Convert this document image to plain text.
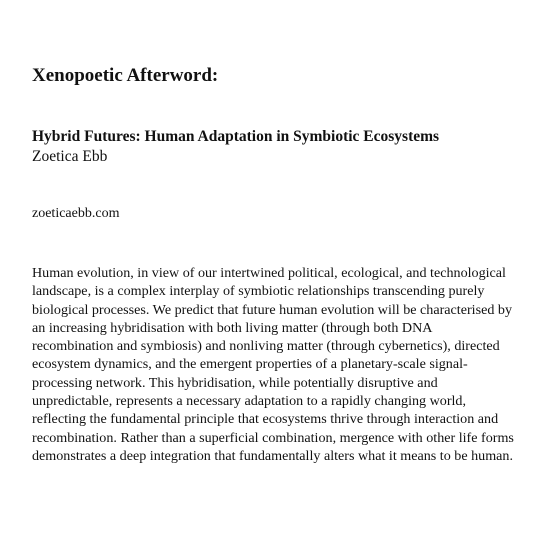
Xenopoetic Afterword:
Hybrid Futures: Human Adaptation in Symbiotic Ecosystems
Zoetica Ebb
zoeticaebb.com

Human evolution, in view of our intertwined political, ecological, and technological landscape, is a complex interplay of symbiotic relationships transcending purely biological processes. We predict that future human evolution will be characterised by an increasing hybridisation with both living matter (through both DNA recombination and symbiosis) and nonliving matter (through cybernetics), directed ecosystem dynamics, and the emergent properties of a planetary-scale signal-processing network. This hybridisation, while potentially disruptive and unpredictable, represents a necessary adaptation to a rapidly changing world, reflecting the fundamental principle that ecosystems thrive through interaction and recombination. Rather than a superficial combination, mergence with other life forms demonstrates a deep integration that fundamentally alters what it means to be human.
